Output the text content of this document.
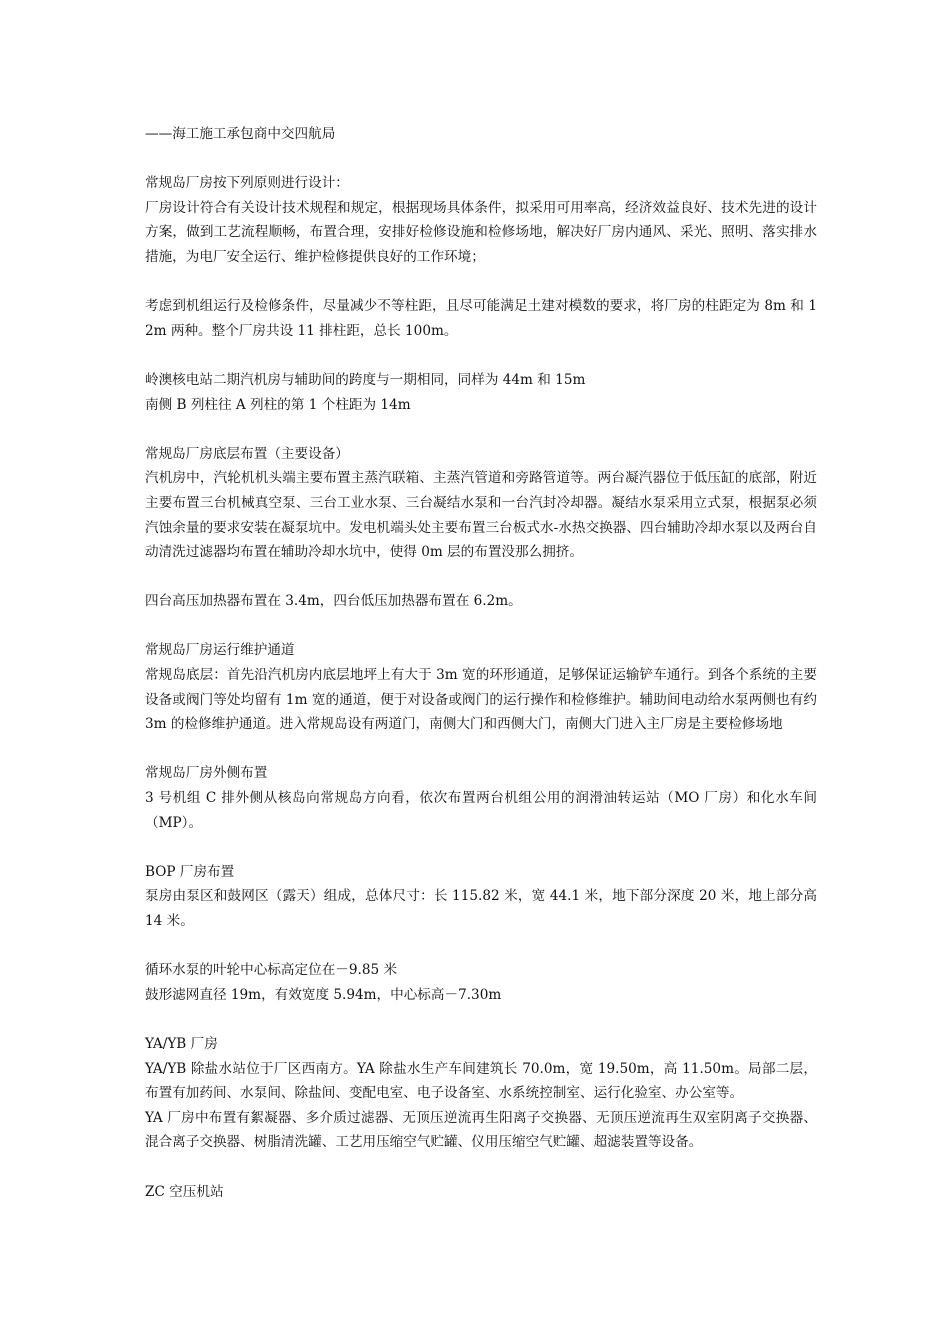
——海工施工承包商中交四航局

常规岛厂房按下列原则进行设计：

厂房设计符合有关设计技术规程和规定，根据现场具体条件，拟采用可用率高，经济效益良好、技术先进的设计方案，做到工艺流程顺畅，布置合理，安排好检修设施和检修场地，解决好厂房内通风、采光、照明、落实排水措施，为电厂安全运行、维护检修提供良好的工作环境；

考虑到机组运行及检修条件，尽量减少不等柱距，且尽可能满足土建对模数的要求，将厂房的柱距定为 8m 和 12m 两种。整个厂房共设 11 排柱距，总长 100m。

岭澳核电站二期汽机房与辅助间的跨度与一期相同，同样为 44m 和 15m

南侧 B 列柱往 A 列柱的第 1 个柱距为 14m

常规岛厂房底层布置（主要设备）

汽机房中，汽轮机机头端主要布置主蒸汽联箱、主蒸汽管道和旁路管道等。两台凝汽器位于低压缸的底部，附近主要布置三台机械真空泵、三台工业水泵、三台凝结水泵和一台汽封冷却器。凝结水泵采用立式泵，根据泵必须汽蚀余量的要求安装在凝泵坑中。发电机端头处主要布置三台板式水-水热交换器、四台辅助冷却水泵以及两台自动清洗过滤器均布置在辅助冷却水坑中，使得 0m 层的布置没那么拥挤。

四台高压加热器布置在 3.4m，四台低压加热器布置在 6.2m。

常规岛厂房运行维护通道

常规岛底层：首先沿汽机房内底层地坪上有大于 3m 宽的环形通道，足够保证运输铲车通行。到各个系统的主要设备或阀门等处均留有 1m 宽的通道，便于对设备或阀门的运行操作和检修维护。辅助间电动给水泵两侧也有约 3m 的检修维护通道。进入常规岛设有两道门，南侧大门和西侧大门，南侧大门进入主厂房是主要检修场地

常规岛厂房外侧布置

3 号机组 C 排外侧从核岛向常规岛方向看，依次布置两台机组公用的润滑油转运站（MO 厂房）和化水车间（MP）。

BOP 厂房布置

泵房由泵区和鼓网区（露天）组成，总体尺寸：长 115.82 米，宽 44.1 米，地下部分深度 20 米，地上部分高 14 米。

循环水泵的叶轮中心标高定位在－9.85 米

鼓形滤网直径 19m，有效宽度 5.94m，中心标高－7.30m

YA/YB 厂房

YA/YB 除盐水站位于厂区西南方。YA 除盐水生产车间建筑长 70.0m，宽 19.50m，高 11.50m。局部二层，布置有加药间、水泵间、除盐间、变配电室、电子设备室、水系统控制室、运行化验室、办公室等。

YA 厂房中布置有絮凝器、多介质过滤器、无顶压逆流再生阳离子交换器、无顶压逆流再生双室阴离子交换器、混合离子交换器、树脂清洗罐、工艺用压缩空气贮罐、仪用压缩空气贮罐、超滤装置等设备。

ZC 空压机站
